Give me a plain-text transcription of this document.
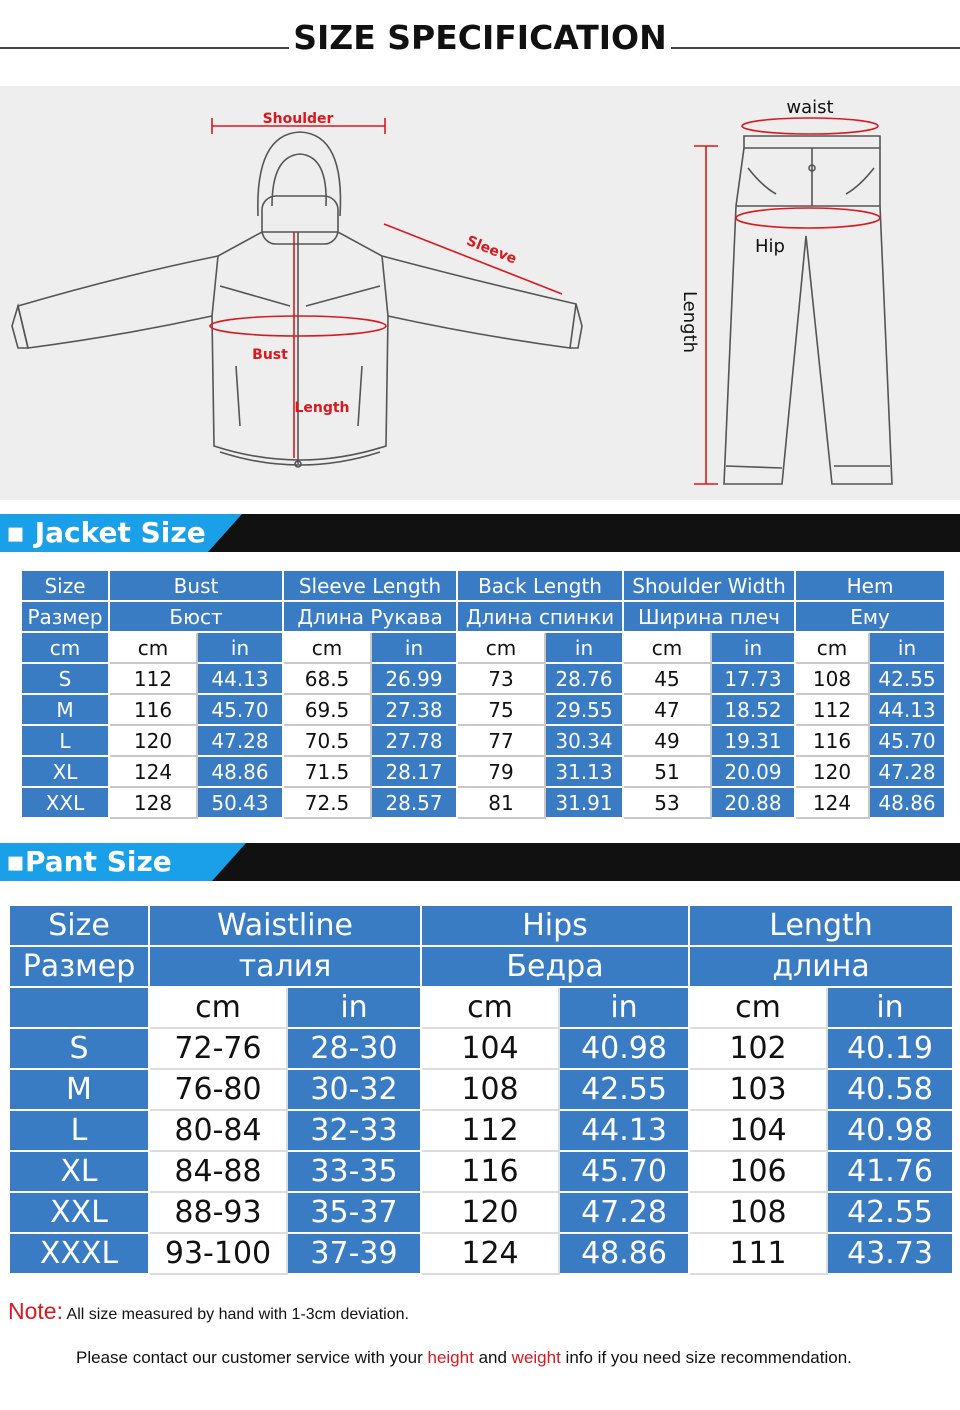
SIZE SPECIFICATION
Shoulder
Sleeve
Bust
Length
waist
Hip
Length
▪ Jacket Size
Size	Bust		Sleeve Length		Back Length		Shoulder Width		Hem	
Размер	Бюст		Длина Рукава		Длина спинки		Ширина плеч		Ему	
cm	cm	in	cm	in	cm	in	cm	in	cm	in
S	112	44.13	68.5	26.99	73	28.76	45	17.73	108	42.55
M	116	45.70	69.5	27.38	75	29.55	47	18.52	112	44.13
L	120	47.28	70.5	27.78	77	30.34	49	19.31	116	45.70
XL	124	48.86	71.5	28.17	79	31.13	51	20.09	120	47.28
XXL	128	50.43	72.5	28.57	81	31.91	53	20.88	124	48.86
▪Pant Size
Size	Waistline		Hips		Length	
Размер	талия		Бедра		длина	
	cm	in	cm	in	cm	in
S	72-76	28-30	104	40.98	102	40.19
M	76-80	30-32	108	42.55	103	40.58
L	80-84	32-33	112	44.13	104	40.98
XL	84-88	33-35	116	45.70	106	41.76
XXL	88-93	35-37	120	47.28	108	42.55
XXXL	93-100	37-39	124	48.86	111	43.73
Note: All size measured by hand with 1-3cm deviation.
Please contact our customer service with your height and weight info if you need size recommendation.
